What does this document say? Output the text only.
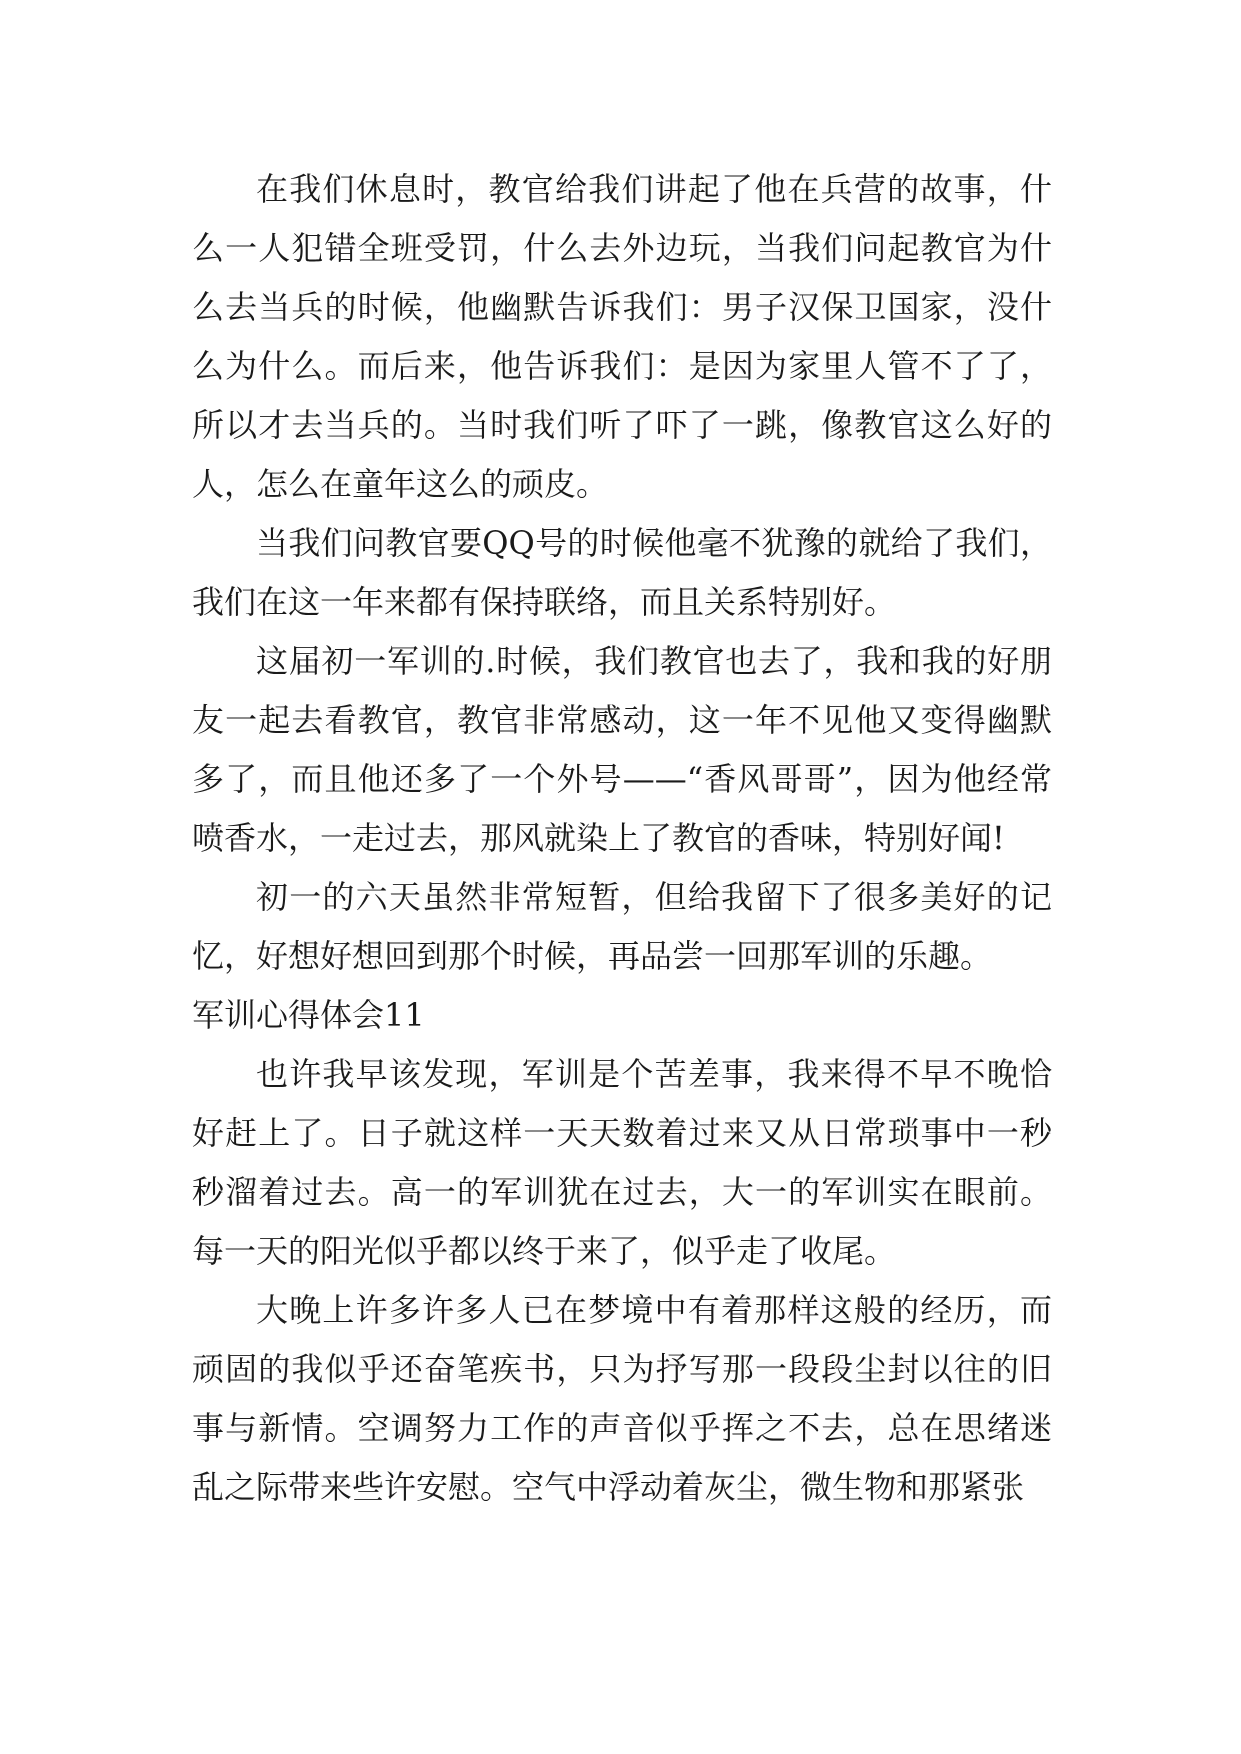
在我们休息时，教官给我们讲起了他在兵营的故事，什么一人犯错全班受罚，什么去外边玩，当我们问起教官为什么去当兵的时候，他幽默告诉我们：男子汉保卫国家，没什么为什么。而后来，他告诉我们：是因为家里人管不了了，所以才去当兵的。当时我们听了吓了一跳，像教官这么好的人，怎么在童年这么的顽皮。

当我们问教官要QQ号的时候他毫不犹豫的就给了我们，我们在这一年来都有保持联络，而且关系特别好。

这届初一军训的.时候，我们教官也去了，我和我的好朋友一起去看教官，教官非常感动，这一年不见他又变得幽默多了，而且他还多了一个外号——“香风哥哥”，因为他经常喷香水，一走过去，那风就染上了教官的香味，特别好闻!

初一的六天虽然非常短暂，但给我留下了很多美好的记忆，好想好想回到那个时候，再品尝一回那军训的乐趣。

军训心得体会11

也许我早该发现，军训是个苦差事，我来得不早不晚恰好赶上了。日子就这样一天天数着过来又从日常琐事中一秒秒溜着过去。高一的军训犹在过去，大一的军训实在眼前。每一天的阳光似乎都以终于来了，似乎走了收尾。

大晚上许多许多人已在梦境中有着那样这般的经历，而顽固的我似乎还奋笔疾书，只为抒写那一段段尘封以往的旧事与新情。空调努力工作的声音似乎挥之不去，总在思绪迷乱之际带来些许安慰。空气中浮动着灰尘，微生物和那紧张
